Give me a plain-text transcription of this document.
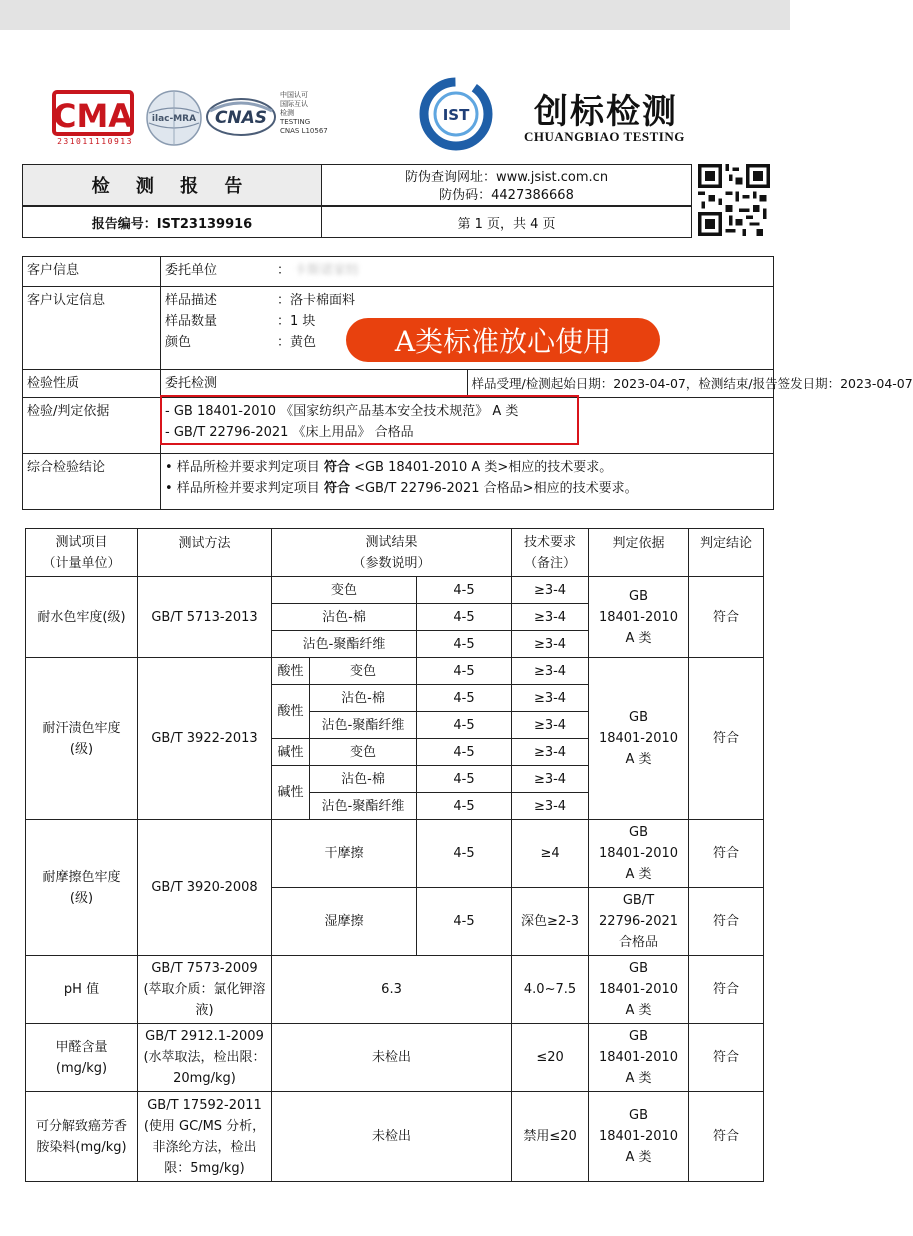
CMA
231011110913
ilac-MRA CNAS
中国认可
国际互认
检测
TESTING
CNAS L10567
IST 创标检测
CHUANGBIAO TESTING
检 测 报 告	防伪查询网址：www.jsist.com.cn
防伪码：4427386668
报告编号：IST23139916	第 1 页，共 4 页
客户信息	委托单位 ： 卡斯诺家纺	
客户认定信息	样品描述 ：洛卡棉面料
样品数量 ：1 块
颜色 ：黄色	

检验性质	委托检测	样品受理/检测起始日期：2023-04-07，检测结束/报告签发日期：2023-04-07
检验/判定依据	- GB 18401-2010 《国家纺织产品基本安全技术规范》 A 类
- GB/T 22796-2021 《床上用品》 合格品	

综合检验结论	• 样品所检并要求判定项目 符合 <GB 18401-2010 A 类>相应的技术要求。
• 样品所检并要求判定项目 符合 <GB/T 22796-2021 合格品>相应的技术要求。	
A类标准放心使用
测试项目
（计量单位）	测试方法	测试结果
（参数说明）			技术要求
（备注）	判定依据	判定结论
耐水色牢度(级)	GB/T 5713-2013	变色		4-5	≥3-4	GB
18401-2010
A 类	符合
		沾色-棉		4-5	≥3-4		
		沾色-聚酯纤维		4-5	≥3-4		
耐汗渍色牢度
(级)	GB/T 3922-2013	酸性	变色	4-5	≥3-4	GB
18401-2010
A 类	符合
		酸性	沾色-棉	4-5	≥3-4		
			沾色-聚酯纤维	4-5	≥3-4		
		碱性	变色	4-5	≥3-4		
		碱性	沾色-棉	4-5	≥3-4		
			沾色-聚酯纤维	4-5	≥3-4		
耐摩擦色牢度
(级)	GB/T 3920-2008	干摩擦		4-5	≥4	GB
18401-2010
A 类	符合
		湿摩擦		4-5	深色≥2-3	GB/T
22796-2021
合格品	符合
pH 值	GB/T 7573-2009
(萃取介质：氯化钾溶
液)	6.3			4.0~7.5	GB
18401-2010
A 类	符合
甲醛含量
(mg/kg)	GB/T 2912.1-2009
(水萃取法，检出限：
20mg/kg)	未检出			≤20	GB
18401-2010
A 类	符合
可分解致癌芳香
胺染料(mg/kg)	GB/T 17592-2011
(使用 GC/MS 分析，
非涤纶方法，检出
限：5mg/kg)	未检出			禁用≤20	GB
18401-2010
A 类	符合
